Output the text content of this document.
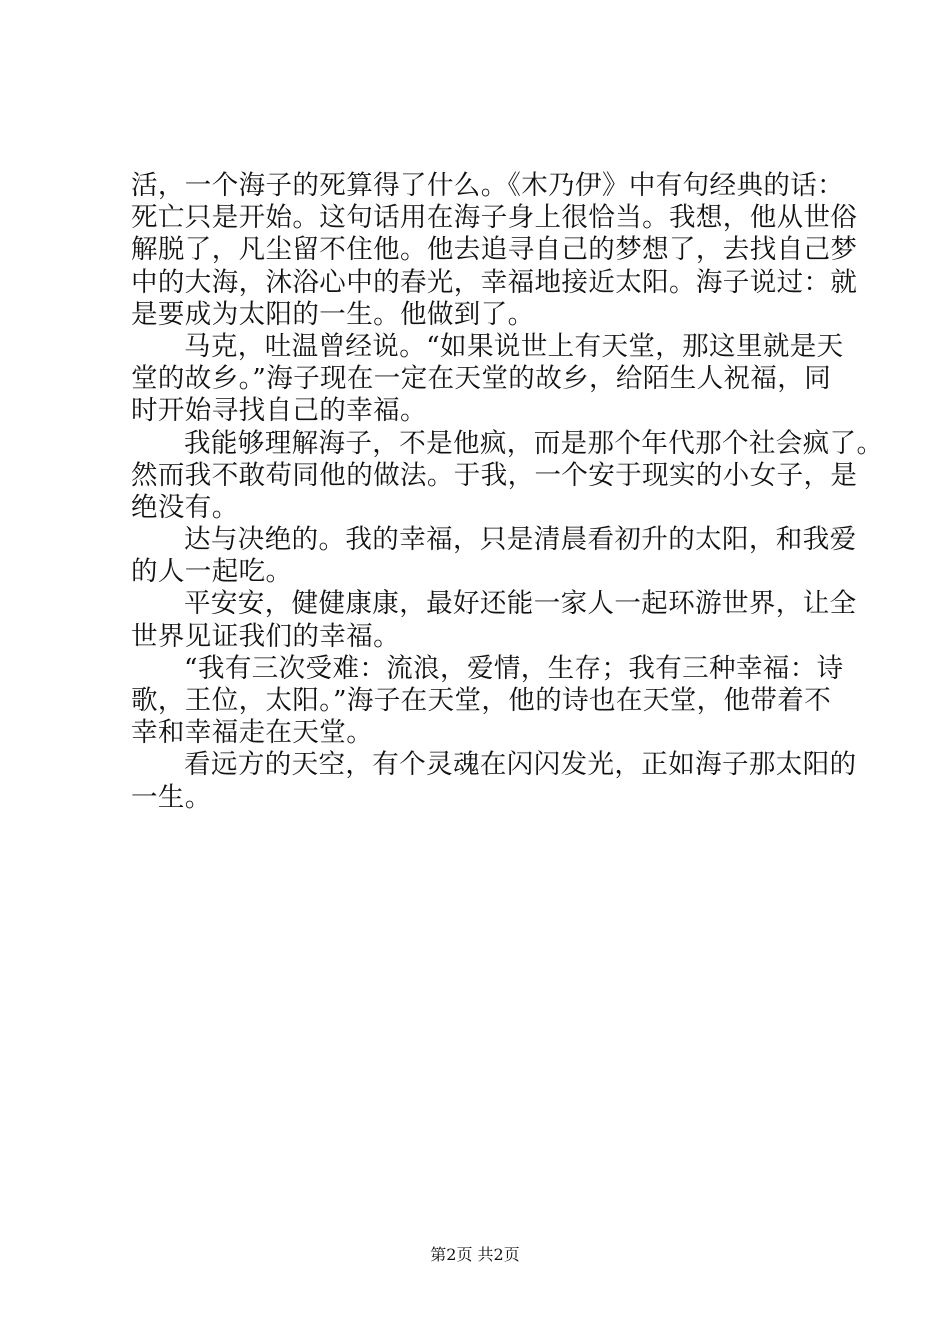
活，一个海子的死算得了什么。《木乃伊》中有句经典的话：
死亡只是开始。这句话用在海子身上很恰当。我想，他从世俗
解脱了，凡尘留不住他。他去追寻自己的梦想了，去找自己梦
中的大海，沐浴心中的春光，幸福地接近太阳。海子说过：就
是要成为太阳的一生。他做到了。
马克，吐温曾经说。“如果说世上有天堂，那这里就是天
堂的故乡。”海子现在一定在天堂的故乡，给陌生人祝福，同
时开始寻找自己的幸福。
我能够理解海子，不是他疯，而是那个年代那个社会疯了。
然而我不敢苟同他的做法。于我，一个安于现实的小女子，是
绝没有。
达与决绝的。我的幸福，只是清晨看初升的太阳，和我爱
的人一起吃。
平安安，健健康康，最好还能一家人一起环游世界，让全
世界见证我们的幸福。
“我有三次受难：流浪，爱情，生存；我有三种幸福：诗
歌，王位，太阳。”海子在天堂，他的诗也在天堂，他带着不
幸和幸福走在天堂。
看远方的天空，有个灵魂在闪闪发光，正如海子那太阳的
一生。
第2页 共2页
